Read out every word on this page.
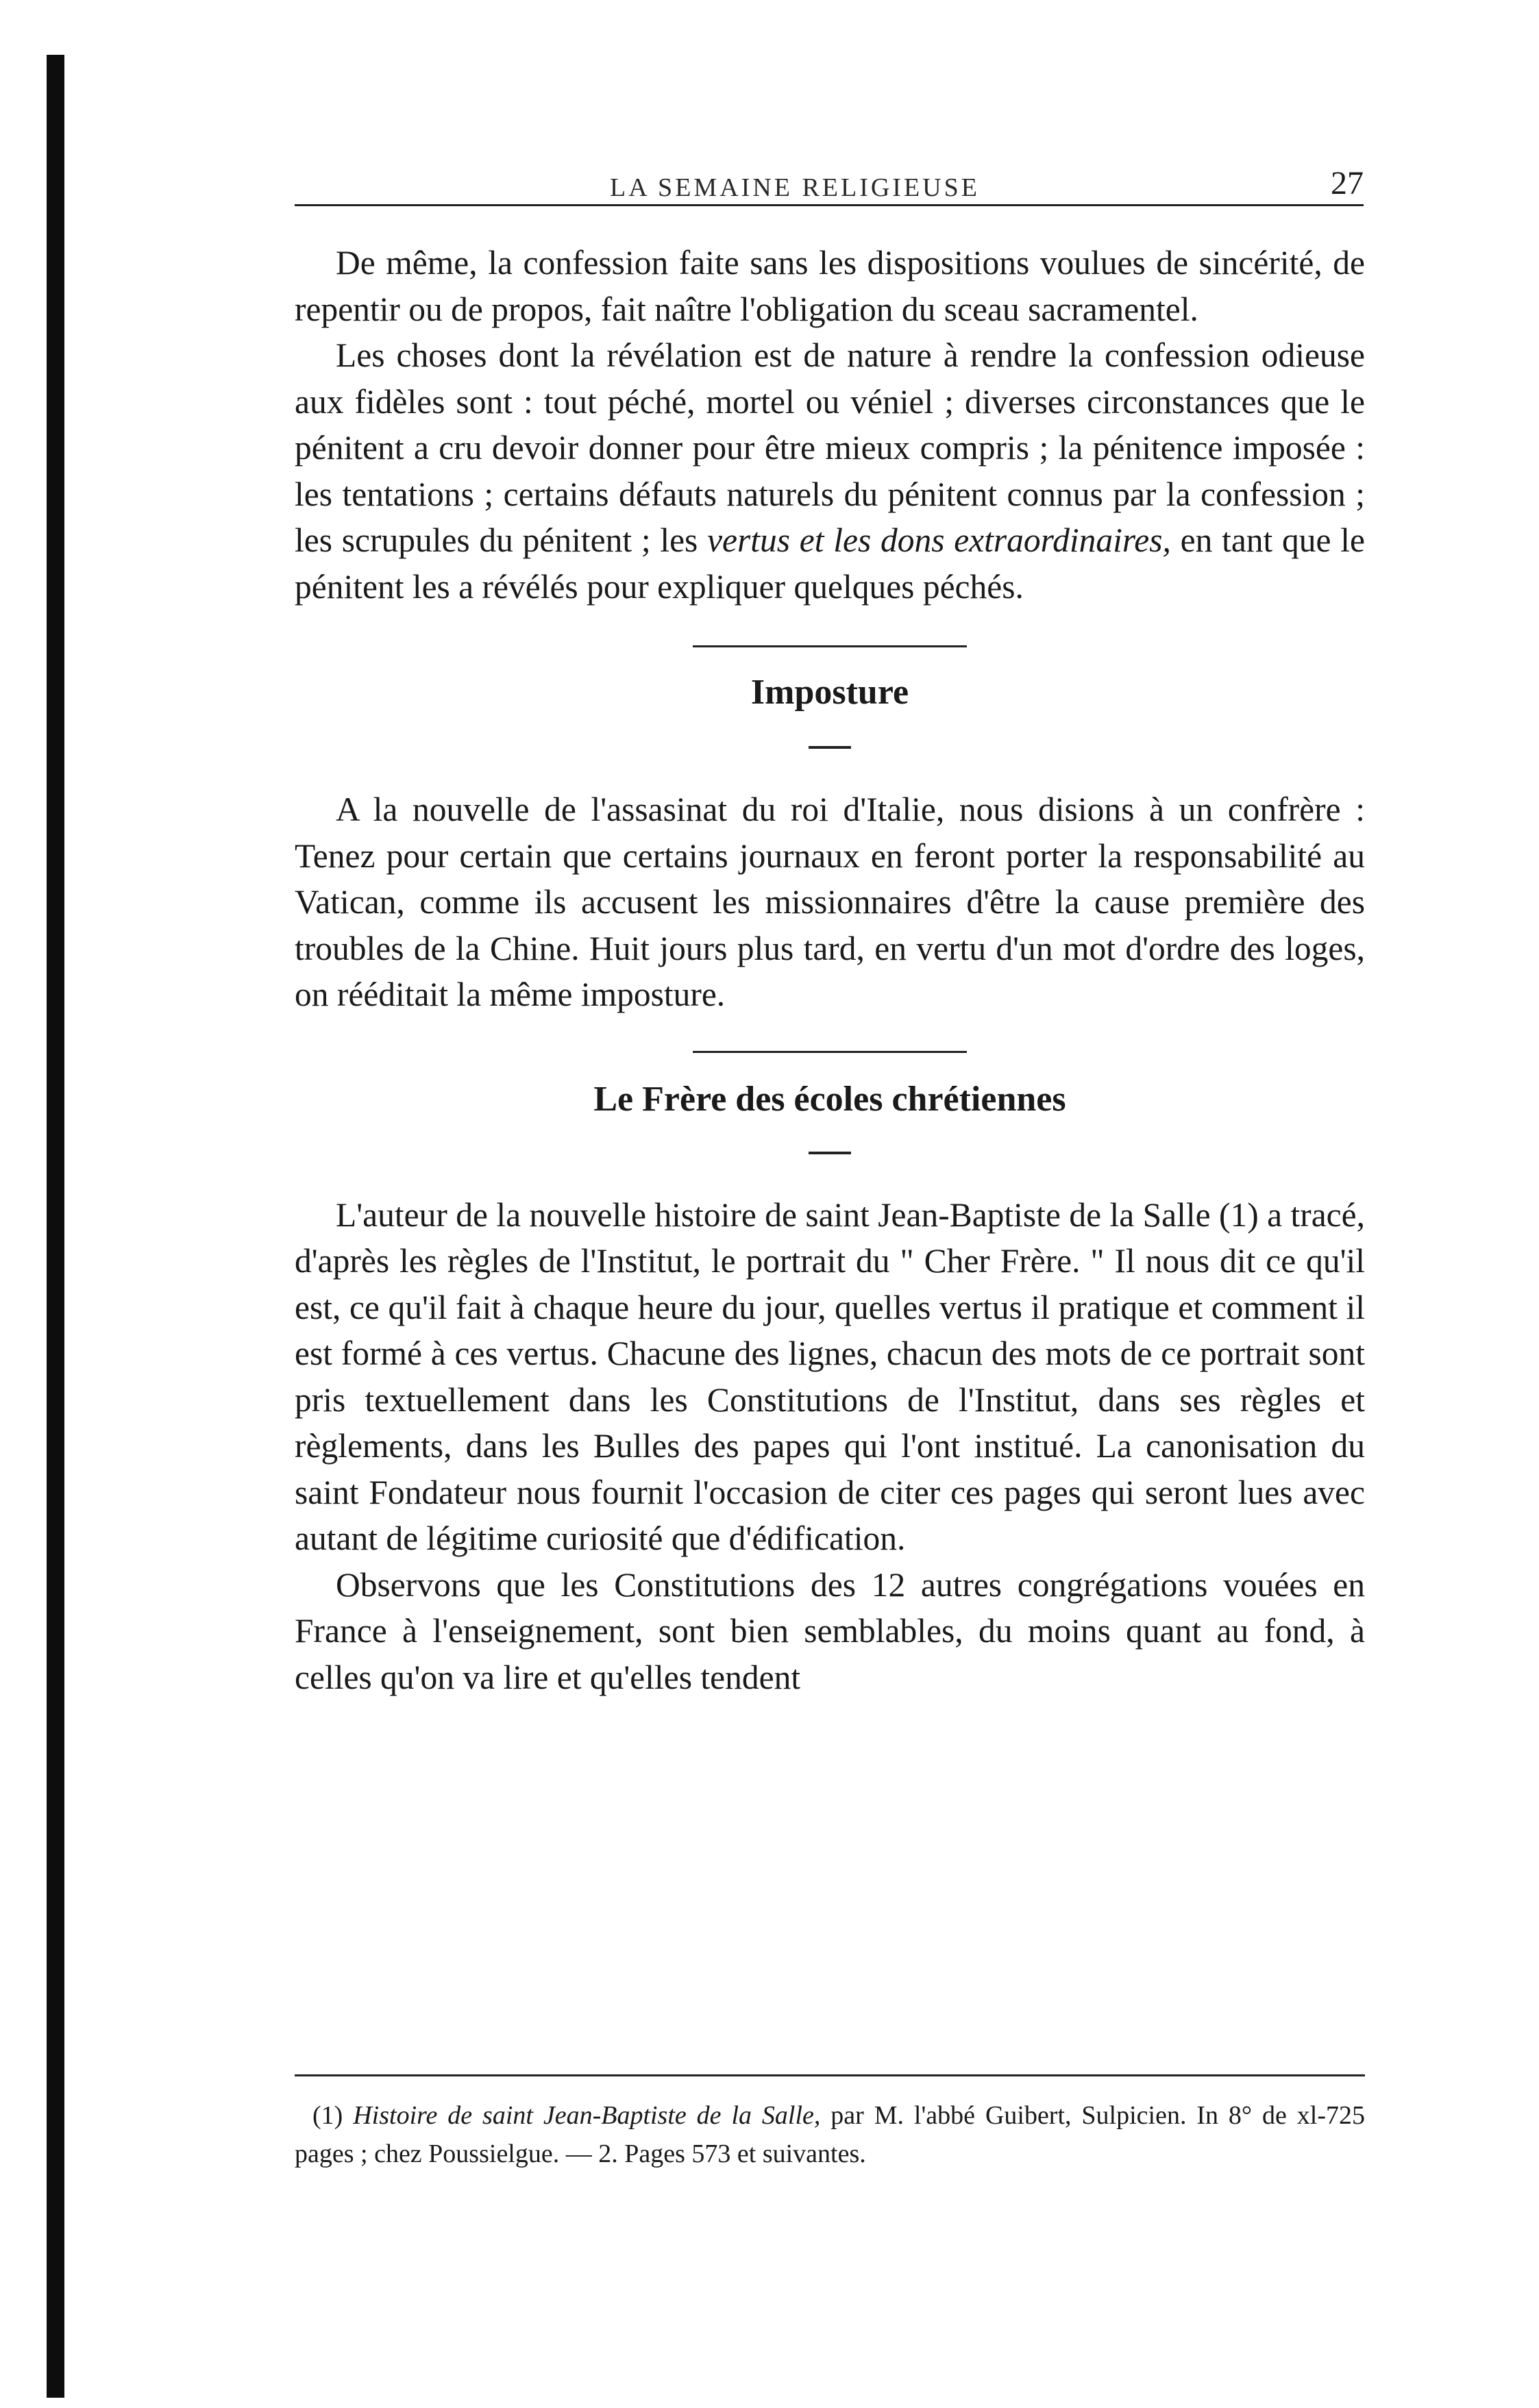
LA SEMAINE RELIGIEUSE	27

De même, la confession faite sans les dispositions voulues de sincérité, de repentir ou de propos, fait naître l'obligation du sceau sacramentel.

Les choses dont la révélation est de nature à rendre la confession odieuse aux fidèles sont : tout péché, mortel ou véniel ; diverses circonstances que le pénitent a cru devoir donner pour être mieux compris ; la pénitence imposée : les tentations ; certains défauts naturels du pénitent connus par la confession ; les scrupules du pénitent ; les vertus et les dons extraordinaires, en tant que le pénitent les a révélés pour expliquer quelques péchés.

Imposture

A la nouvelle de l'assasinat du roi d'Italie, nous disions à un confrère : Tenez pour certain que certains journaux en feront porter la responsabilité au Vatican, comme ils accusent les missionnaires d'être la cause première des troubles de la Chine. Huit jours plus tard, en vertu d'un mot d'ordre des loges, on rééditait la même imposture.

Le Frère des écoles chrétiennes

L'auteur de la nouvelle histoire de saint Jean-Baptiste de la Salle (1) a tracé, d'après les règles de l'Institut, le portrait du " Cher Frère. " Il nous dit ce qu'il est, ce qu'il fait à chaque heure du jour, quelles vertus il pratique et comment il est formé à ces vertus. Chacune des lignes, chacun des mots de ce portrait sont pris textuellement dans les Constitutions de l'Institut, dans ses règles et règlements, dans les Bulles des papes qui l'ont institué. La canonisation du saint Fondateur nous fournit l'occasion de citer ces pages qui seront lues avec autant de légitime curiosité que d'édification.

Observons que les Constitutions des 12 autres congrégations vouées en France à l'enseignement, sont bien semblables, du moins quant au fond, à celles qu'on va lire et qu'elles tendent

(1) Histoire de saint Jean-Baptiste de la Salle, par M. l'abbé Guibert, Sulpicien. In 8° de xl-725 pages ; chez Poussielgue. — 2. Pages 573 et suivantes.
